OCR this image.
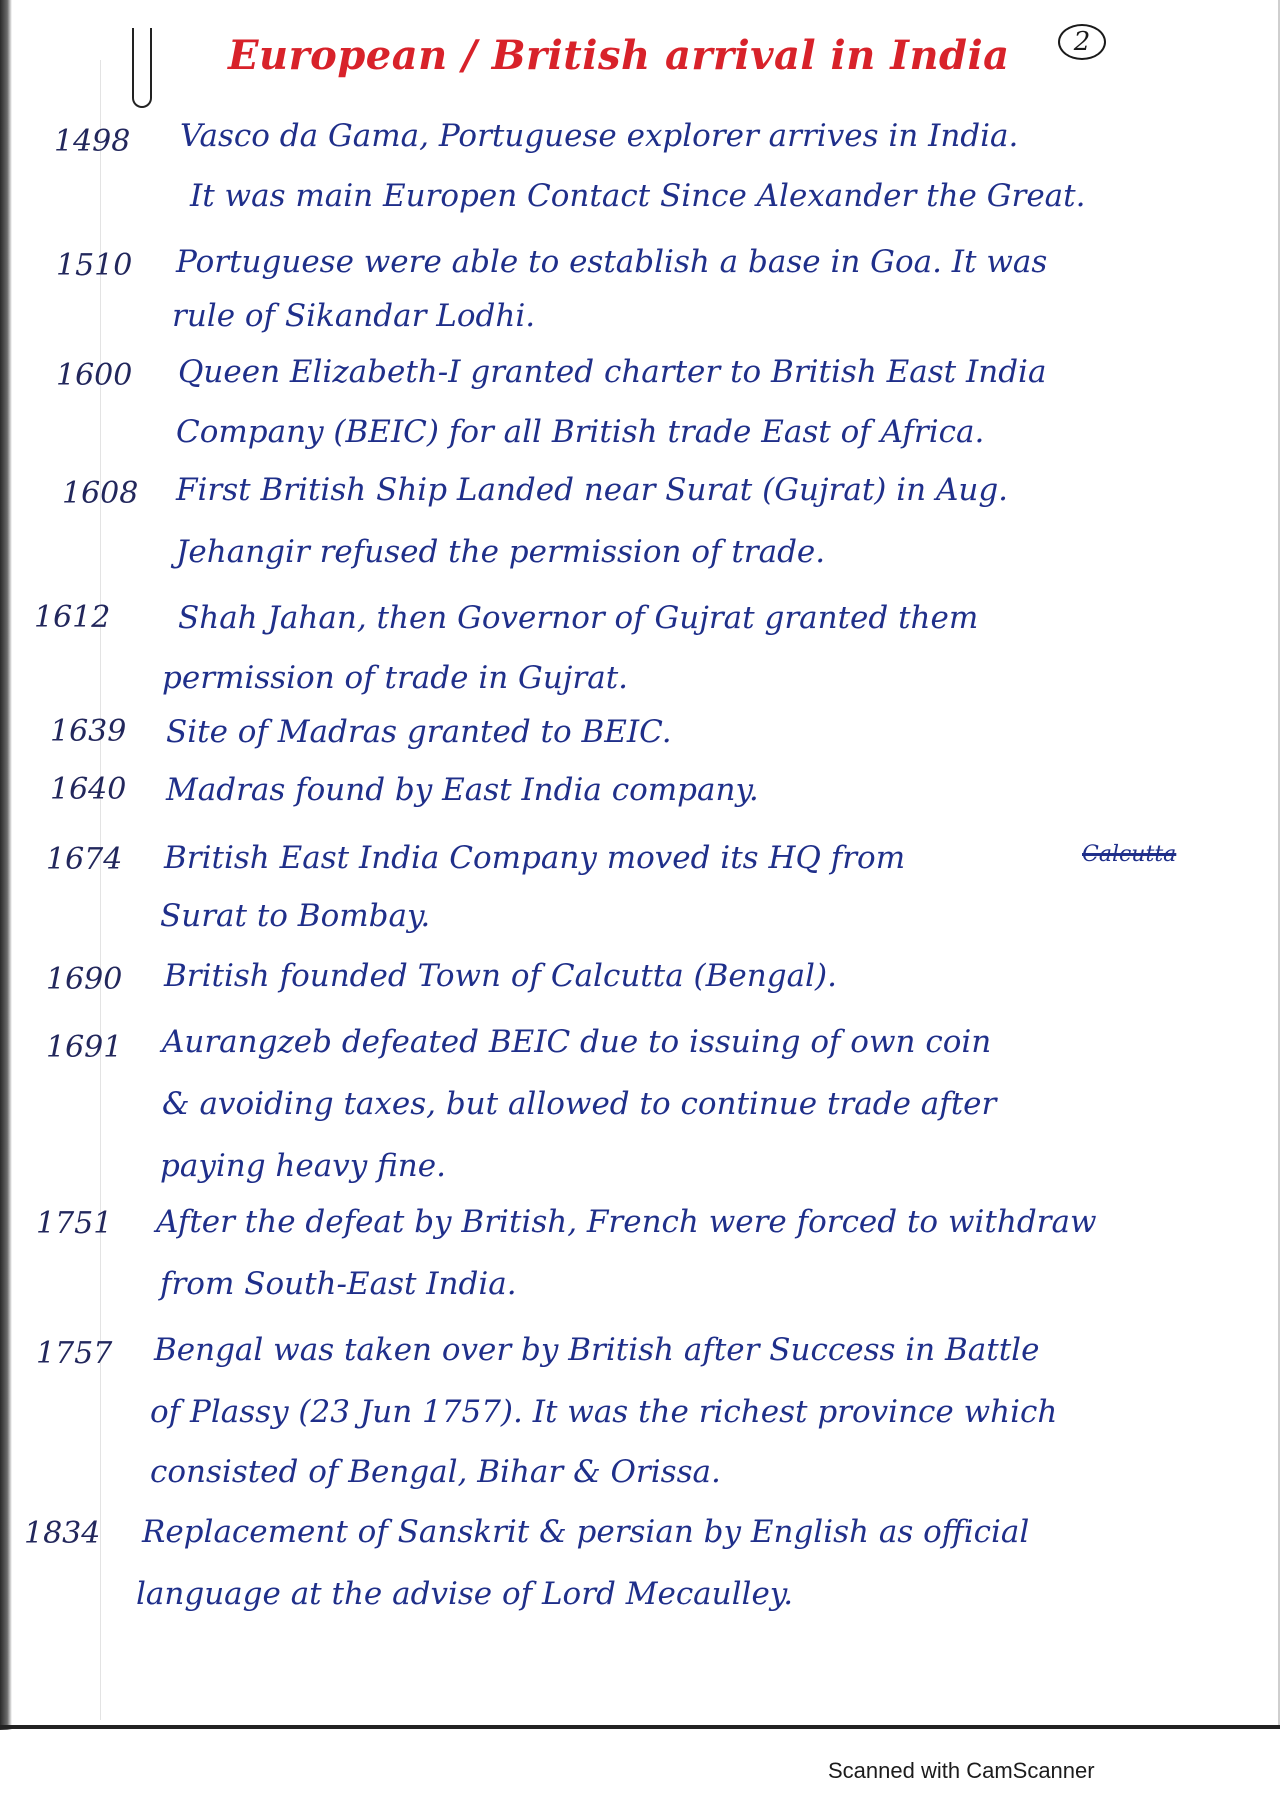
European / British arrival in India 2
1498 Vasco da Gama, Portuguese explorer arrives in India.
It was main Europen Contact Since Alexander the Great.
1510 Portuguese were able to establish a base in Goa. It was
rule of Sikandar Lodhi.
1600 Queen Elizabeth-I granted charter to British East India
Company (BEIC) for all British trade East of Africa.
1608 First British Ship Landed near Surat (Gujrat) in Aug.
Jehangir refused the permission of trade.
1612 Shah Jahan, then Governor of Gujrat granted them
permission of trade in Gujrat.
1639 Site of Madras granted to BEIC.
1640 Madras found by East India company.
1674 British East India Company moved its HQ from	Calcutta
Surat to Bombay.
1690 British founded Town of Calcutta (Bengal).
1691 Aurangzeb defeated BEIC due to issuing of own coin
& avoiding taxes, but allowed to continue trade after
paying heavy fine.
1751 After the defeat by British, French were forced to withdraw
from South-East India.
1757 Bengal was taken over by British after Success in Battle
of Plassy (23 Jun 1757). It was the richest province which
consisted of Bengal, Bihar & Orissa.
1834 Replacement of Sanskrit & persian by English as official
language at the advise of Lord Mecaulley.
Scanned with CamScanner
